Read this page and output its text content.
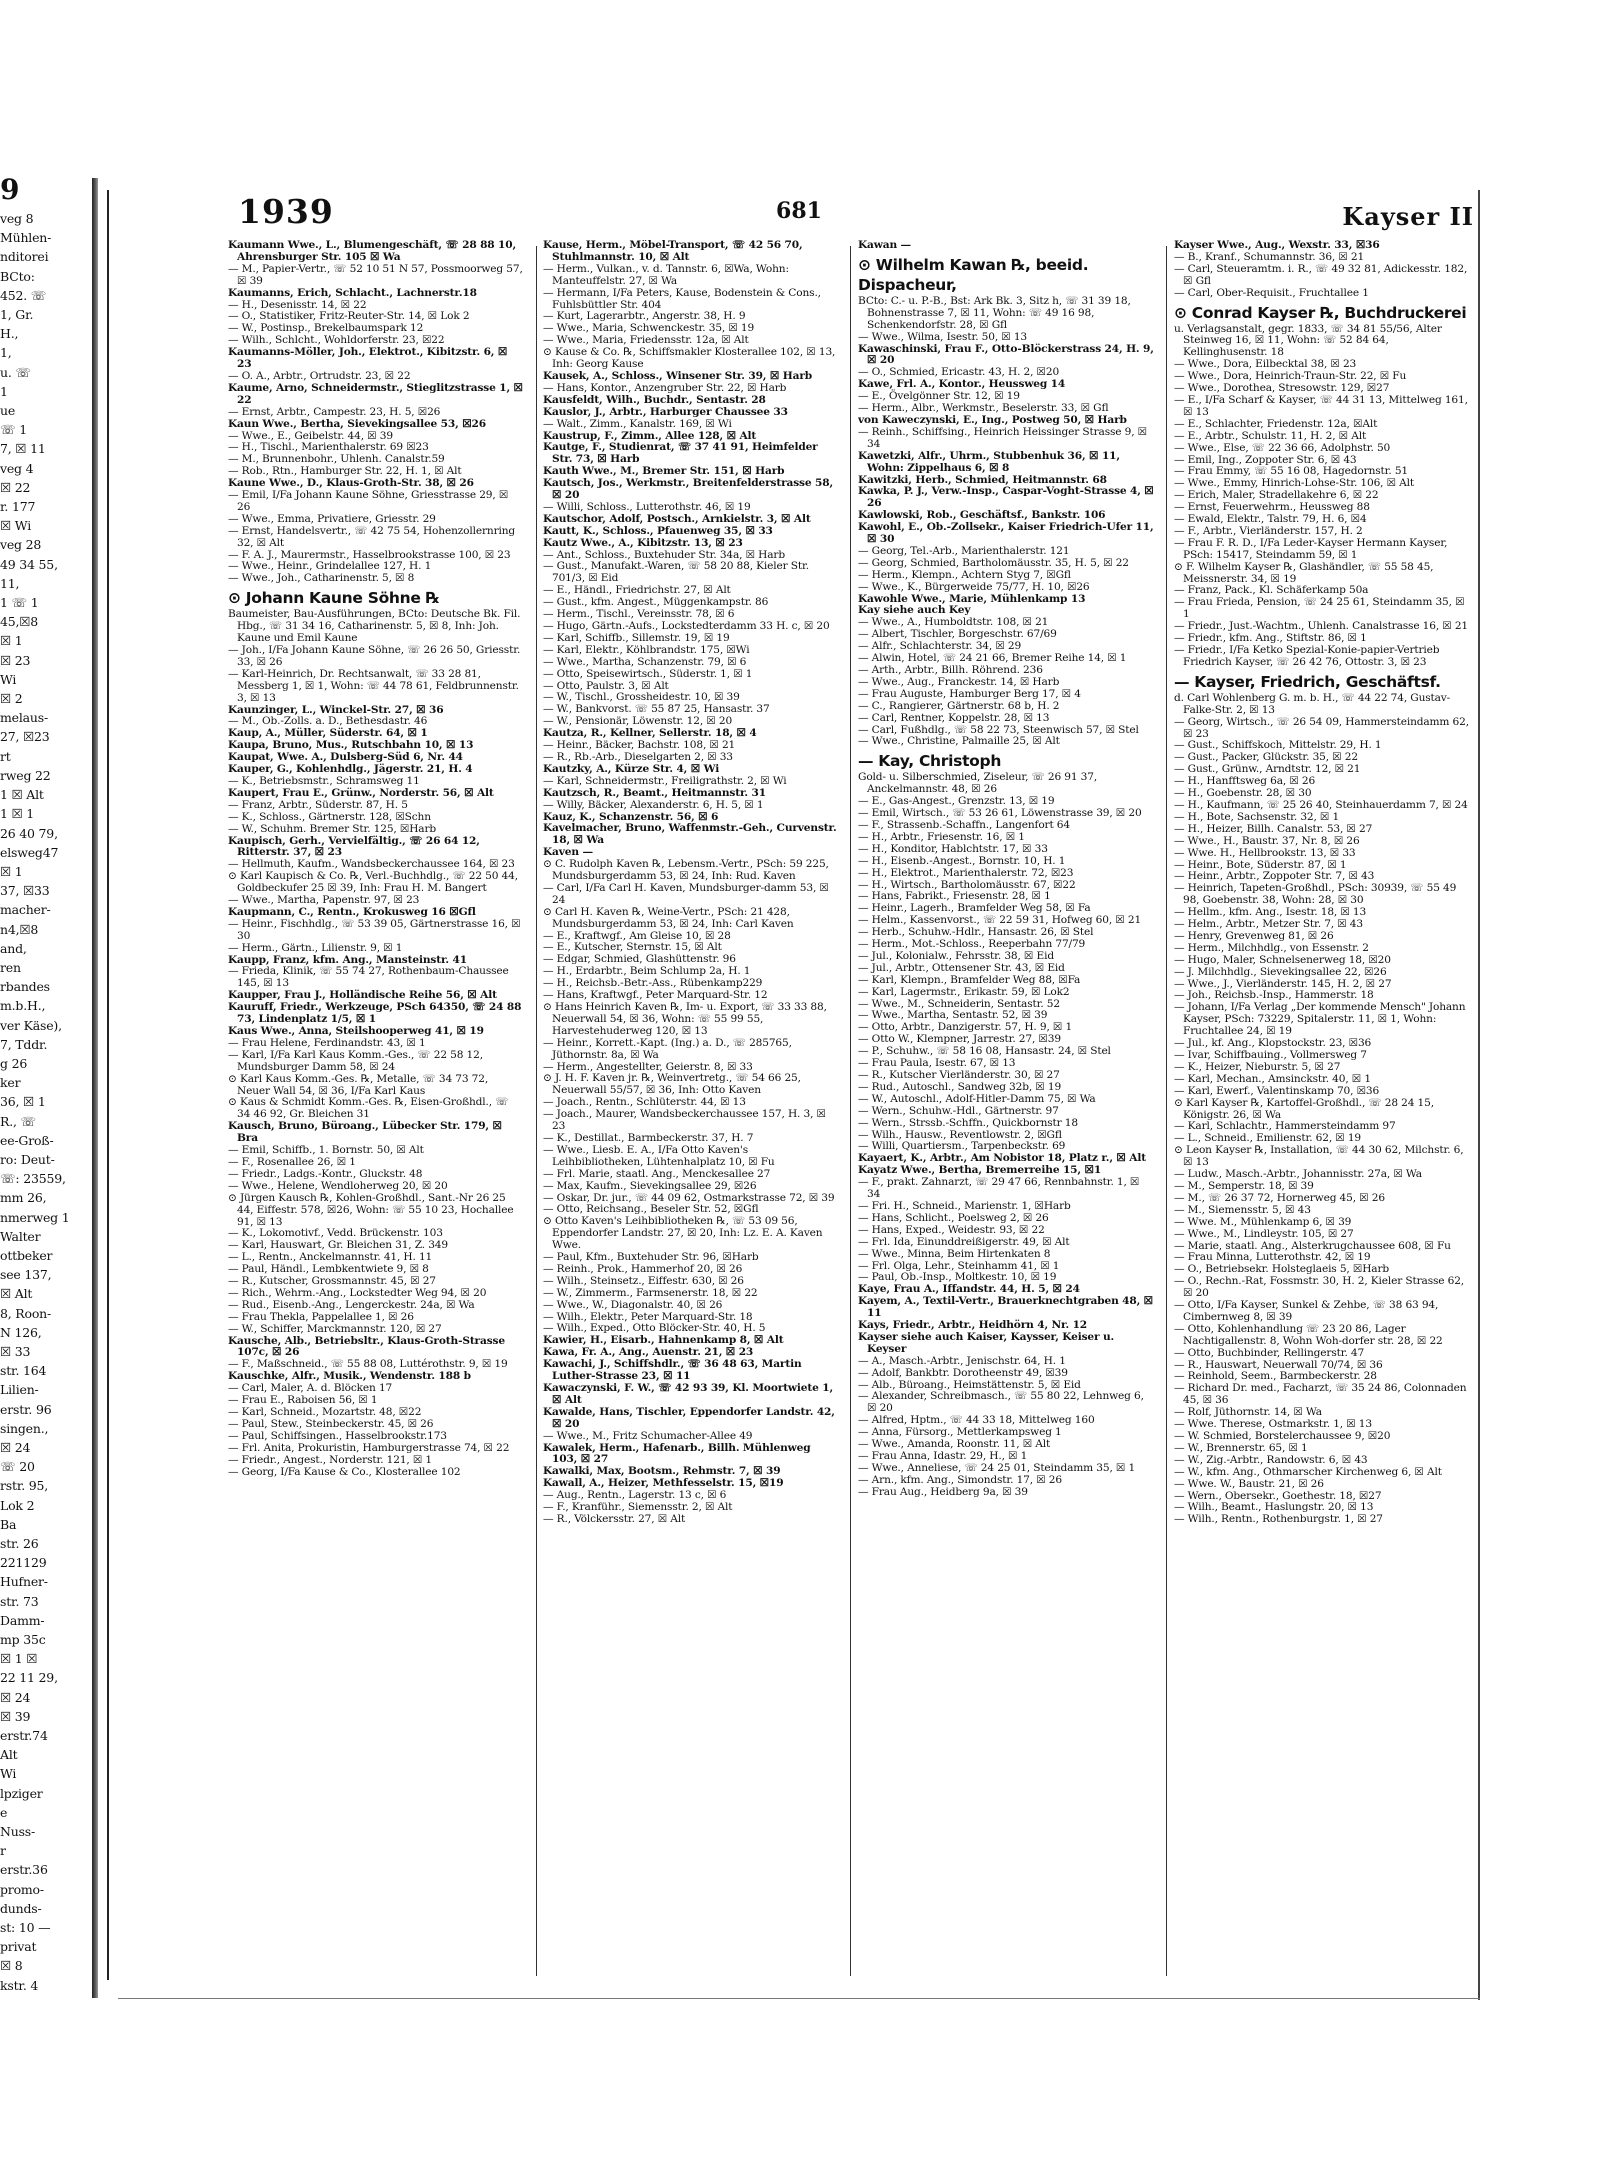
9
veg 8
Mühlen-
nditorei
BCto:
452. ☏
1, Gr.
H.,
1,
u. ☏
1
ue
☏ 1
7, ☒ 11
veg 4
☒ 22
r. 177
☒ Wi
veg 28
49 34 55,
11,
1 ☏ 1
45,☒8
☒ 1
☒ 23
Wi
☒ 2
melaus-
27, ☒23
rt
rweg 22
1 ☒ Alt
1 ☒ 1
26 40 79,
elsweg47
☒ 1
37, ☒33
macher-
n4,☒8
and,
ren
rbandes
m.b.H.,
ver Käse),
7, Tddr.
g 26
ker
36, ☒ 1
R., ☏
ee-Groß-
ro: Deut-
☏: 23559,
mm 26,
nmerweg 1
Walter
ottbeker
see 137,
☒ Alt
8, Roon-
N 126,
☒ 33
str. 164
Lilien-
erstr. 96
singen.,
☒ 24
☏ 20
rstr. 95,
Lok 2
Ba
str. 26
221129
Hufner-
str. 73
Damm-
mp 35c
☒ 1 ☒
22 11 29,
☒ 24
☒ 39
erstr.74
Alt
Wi
lpziger
e
Nuss-
r
erstr.36
promo-
dunds-
st: 10 —
privat
☒ 8
kstr. 4
1939	681	Kayser II

Kaumann Wwe., L., Blumengeschäft, ☏ 28 88 10, Ahrensburger Str. 105 ☒ Wa

— M., Papier-Vertr., ☏ 52 10 51 N 57, Possmoorweg 57, ☒ 39

Kaumanns, Erich, Schlacht., Lachnerstr.18

— H., Desenisstr. 14, ☒ 22

— O., Statistiker, Fritz-Reuter-Str. 14, ☒ Lok 2

— W., Postinsp., Brekelbaumspark 12

— Wilh., Schlcht., Wohldorferstr. 23, ☒22

Kaumanns-Möller, Joh., Elektrot., Kibitzstr. 6, ☒ 23

— O. A., Arbtr., Ortrudstr. 23, ☒ 22

Kaume, Arno, Schneidermstr., Stieglitzstrasse 1, ☒ 22

— Ernst, Arbtr., Campestr. 23, H. 5, ☒26

Kaun Wwe., Bertha, Sievekingsallee 53, ☒26

— Wwe., E., Geibelstr. 44, ☒ 39

— H., Tischl., Marienthalerstr. 69 ☒23

— M., Brunnenbohr., Uhlenh. Canalstr.59

— Rob., Rtn., Hamburger Str. 22, H. 1, ☒ Alt

Kaune Wwe., D., Klaus-Groth-Str. 38, ☒ 26

— Emil, I/Fa Johann Kaune Söhne, Griesstrasse 29, ☒ 26

— Wwe., Emma, Privatiere, Griesstr. 29

— Ernst, Handelsvertr., ☏ 42 75 54, Hohenzollernring 32, ☒ Alt

— F. A. J., Maurermstr., Hasselbrookstrasse 100, ☒ 23

— Wwe., Heinr., Grindelallee 127, H. 1

— Wwe., Joh., Catharinenstr. 5, ☒ 8

⊙ Johann Kaune Söhne ℞

Baumeister, Bau-Ausführungen, BCto: Deutsche Bk. Fil. Hbg., ☏ 31 34 16, Catharinenstr. 5, ☒ 8, Inh: Joh. Kaune und Emil Kaune

— Joh., I/Fa Johann Kaune Söhne, ☏ 26 26 50, Griesstr. 33, ☒ 26

— Karl-Heinrich, Dr. Rechtsanwalt, ☏ 33 28 81, Messberg 1, ☒ 1, Wohn: ☏ 44 78 61, Feldbrunnenstr. 3, ☒ 13

Kaunzinger, L., Winckel-Str. 27, ☒ 36

— M., Ob.-Zolls. a. D., Bethesdastr. 46

Kaup, A., Müller, Süderstr. 64, ☒ 1

Kaupa, Bruno, Mus., Rutschbahn 10, ☒ 13

Kaupat, Wwe. A., Dulsberg-Süd 6, Nr. 44

Kauper, G., Kohlenhdlg., Jägerstr. 21, H. 4

— K., Betriebsmstr., Schramsweg 11

Kaupert, Frau E., Grünw., Norderstr. 56, ☒ Alt

— Franz, Arbtr., Süderstr. 87, H. 5

— K., Schloss., Gärtnerstr. 128, ☒Schn

— W., Schuhm. Bremer Str. 125, ☒Harb

Kaupisch, Gerh., Vervielfältig., ☏ 26 64 12, Ritterstr. 37, ☒ 23

— Hellmuth, Kaufm., Wandsbeckerchaussee 164, ☒ 23

⊙ Karl Kaupisch & Co. ℞, Verl.-Buchhdlg., ☏ 22 50 44, Goldbeckufer 25 ☒ 39, Inh: Frau H. M. Bangert

— Wwe., Martha, Papenstr. 97, ☒ 23

Kaupmann, C., Rentn., Krokusweg 16 ☒Gfl

— Heinr., Fischhdlg., ☏ 53 39 05, Gärtnerstrasse 16, ☒ 30

— Herm., Gärtn., Lilienstr. 9, ☒ 1

Kaupp, Franz, kfm. Ang., Mansteinstr. 41

— Frieda, Klinik, ☏ 55 74 27, Rothenbaum-Chaussee 145, ☒ 13

Kaupper, Frau J., Holländische Reihe 56, ☒ Alt

Kauruff, Friedr., Werkzeuge, PSch 64350, ☏ 24 88 73, Lindenplatz 1/5, ☒ 1

Kaus Wwe., Anna, Steilshooperweg 41, ☒ 19

— Frau Helene, Ferdinandstr. 43, ☒ 1

— Karl, I/Fa Karl Kaus Komm.-Ges., ☏ 22 58 12, Mundsburger Damm 58, ☒ 24

⊙ Karl Kaus Komm.-Ges. ℞, Metalle, ☏ 34 73 72, Neuer Wall 54, ☒ 36, I/Fa Karl Kaus

⊙ Kaus & Schmidt Komm.-Ges. ℞, Eisen-Großhdl., ☏ 34 46 92, Gr. Bleichen 31

Kausch, Bruno, Büroang., Lübecker Str. 179, ☒ Bra

— Emil, Schiffb., 1. Bornstr. 50, ☒ Alt

— F., Rosenallee 26, ☒ 1

— Friedr., Ladgs.-Kontr., Gluckstr. 48

— Wwe., Helene, Wendloherweg 20, ☒ 20

⊙ Jürgen Kausch ℞, Kohlen-Großhdl., Sant.-Nr 26 25 44, Eiffestr. 578, ☒26, Wohn: ☏ 55 10 23, Hochallee 91, ☒ 13

— K., Lokomotivf., Vedd. Brückenstr. 103

— Karl, Hauswart, Gr. Bleichen 31, Z. 349

— L., Rentn., Anckelmannstr. 41, H. 11

— Paul, Händl., Lembkentwiete 9, ☒ 8

— R., Kutscher, Grossmannstr. 45, ☒ 27

— Rich., Wehrm.-Ang., Lockstedter Weg 94, ☒ 20

— Rud., Eisenb.-Ang., Lengerckestr. 24a, ☒ Wa

— Frau Thekla, Pappelallee 1, ☒ 26

— W., Schiffer, Marckmannstr. 120, ☒ 27

Kausche, Alb., Betriebsltr., Klaus-Groth-Strasse 107c, ☒ 26

— F., Maßschneid., ☏ 55 88 08, Luttérothstr. 9, ☒ 19

Kauschke, Alfr., Musik., Wendenstr. 188 b

— Carl, Maler, A. d. Blöcken 17

— Frau E., Raboisen 56, ☒ 1

— Karl, Schneid., Mozartstr. 48, ☒22

— Paul, Stew., Steinbeckerstr. 45, ☒ 26

— Paul, Schiffsingen., Hasselbrookstr.173

— Frl. Anita, Prokuristin, Hamburgerstrasse 74, ☒ 22

— Friedr., Angest., Norderstr. 121, ☒ 1

— Georg, I/Fa Kause & Co., Klosterallee 102

Kause, Herm., Möbel-Transport, ☏ 42 56 70, Stuhlmannstr. 10, ☒ Alt

— Herm., Vulkan., v. d. Tannstr. 6, ☒Wa, Wohn: Manteuffelstr. 27, ☒ Wa

— Hermann, I/Fa Peters, Kause, Bodenstein & Cons., Fuhlsbüttler Str. 404

— Kurt, Lagerarbtr., Angerstr. 38, H. 9

— Wwe., Maria, Schwenckestr. 35, ☒ 19

— Wwe., Maria, Friedensstr. 12a, ☒ Alt

⊙ Kause & Co. ℞, Schiffsmakler Klosterallee 102, ☒ 13, Inh: Georg Kause

Kausek, A., Schloss., Winsener Str. 39, ☒ Harb

— Hans, Kontor., Anzengruber Str. 22, ☒ Harb

Kausfeldt, Wilh., Buchdr., Sentastr. 28

Kauslor, J., Arbtr., Harburger Chaussee 33

— Walt., Zimm., Kanalstr. 169, ☒ Wi

Kaustrup, F., Zimm., Allee 128, ☒ Alt

Kautge, F., Studienrat, ☏ 37 41 91, Heimfelder Str. 73, ☒ Harb

Kauth Wwe., M., Bremer Str. 151, ☒ Harb

Kautsch, Jos., Werkmstr., Breitenfelderstrasse 58, ☒ 20

— Willi, Schloss., Lutterothstr. 46, ☒ 19

Kautschor, Adolf, Postsch., Arnkielstr. 3, ☒ Alt

Kautt, K., Schloss., Pfauenweg 35, ☒ 33

Kautz Wwe., A., Kibitzstr. 13, ☒ 23

— Ant., Schloss., Buxtehuder Str. 34a, ☒ Harb

— Gust., Manufakt.-Waren, ☏ 58 20 88, Kieler Str. 701/3, ☒ Eid

— E., Händl., Friedrichstr. 27, ☒ Alt

— Gust., kfm. Angest., Müggenkampstr. 86

— Herm., Tischl., Vereinsstr. 78, ☒ 6

— Hugo, Gärtn.-Aufs., Lockstedterdamm 33 H. c, ☒ 20

— Karl, Schiffb., Sillemstr. 19, ☒ 19

— Karl, Elektr., Köhlbrandstr. 175, ☒Wi

— Wwe., Martha, Schanzenstr. 79, ☒ 6

— Otto, Speisewirtsch., Süderstr. 1, ☒ 1

— Otto, Paulstr. 3, ☒ Alt

— W., Tischl., Grossheidestr. 10, ☒ 39

— W., Bankvorst. ☏ 55 87 25, Hansastr. 37

— W., Pensionär, Löwenstr. 12, ☒ 20

Kautza, R., Kellner, Sellerstr. 18, ☒ 4

— Heinr., Bäcker, Bachstr. 108, ☒ 21

— R., Rb.-Arb., Dieselgarten 2, ☒ 33

Kautzky, A., Kürze Str. 4, ☒ Wi

— Karl, Schneidermstr., Freiligrathstr. 2, ☒ Wi

Kautzsch, R., Beamt., Heitmannstr. 31

— Willy, Bäcker, Alexanderstr. 6, H. 5, ☒ 1

Kauz, K., Schanzenstr. 56, ☒ 6

Kavelmacher, Bruno, Waffenmstr.-Geh., Curvenstr. 18, ☒ Wa

Kaven —

⊙ C. Rudolph Kaven ℞, Lebensm.-Vertr., PSch: 59 225, Mundsburgerdamm 53, ☒ 24, Inh: Rud. Kaven

— Carl, I/Fa Carl H. Kaven, Mundsburger-damm 53, ☒ 24

⊙ Carl H. Kaven ℞, Weine-Vertr., PSch: 21 428, Mundsburgerdamm 53, ☒ 24, Inh: Carl Kaven

— E., Kraftwgf., Am Gleise 10, ☒ 28

— E., Kutscher, Sternstr. 15, ☒ Alt

— Edgar, Schmied, Glashüttenstr. 96

— H., Erdarbtr., Beim Schlump 2a, H. 1

— H., Reichsb.-Betr.-Ass., Rübenkamp229

— Hans, Kraftwgf., Peter Marquard-Str. 12

⊙ Hans Heinrich Kaven ℞, Im- u. Export, ☏ 33 33 88, Neuerwall 54, ☒ 36, Wohn: ☏ 55 99 55, Harvestehuderweg 120, ☒ 13

— Heinr., Korrett.-Kapt. (Ing.) a. D., ☏ 285765, Jüthornstr. 8a, ☒ Wa

— Herm., Angestellter, Geierstr. 8, ☒ 33

⊙ J. H. F. Kaven jr. ℞, Weinvertretg., ☏ 54 66 25, Neuerwall 55/57, ☒ 36, Inh: Otto Kaven

— Joach., Rentn., Schlüterstr. 44, ☒ 13

— Joach., Maurer, Wandsbeckerchaussee 157, H. 3, ☒ 23

— K., Destillat., Barmbeckerstr. 37, H. 7

— Wwe., Liesb. E. A., I/Fa Otto Kaven's Leihbibliotheken, Lühtenhalplatz 10, ☒ Fu

— Frl. Marie, staatl. Ang., Menckesallee 27

— Max, Kaufm., Sievekingsallee 29, ☒26

— Oskar, Dr. jur., ☏ 44 09 62, Ostmarkstrasse 72, ☒ 39

— Otto, Reichsang., Beseler Str. 52, ☒Gfl

⊙ Otto Kaven's Leihbibliotheken ℞, ☏ 53 09 56, Eppendorfer Landstr. 27, ☒ 20, Inh: Lz. E. A. Kaven Wwe.

— Paul, Kfm., Buxtehuder Str. 96, ☒Harb

— Reinh., Prok., Hammerhof 20, ☒ 26

— Wilh., Steinsetz., Eiffestr. 630, ☒ 26

— W., Zimmerm., Farmsenerstr. 18, ☒ 22

— Wwe., W., Diagonalstr. 40, ☒ 26

— Wilh., Elektr., Peter Marquard-Str. 18

— Wilh., Exped., Otto Blöcker-Str. 40, H. 5

Kawier, H., Eisarb., Hahnenkamp 8, ☒ Alt

Kawa, Fr. A., Ang., Auenstr. 21, ☒ 23

Kawachi, J., Schiffshdlr., ☏ 36 48 63, Martin Luther-Strasse 23, ☒ 11

Kawaczynski, F. W., ☏ 42 93 39, Kl. Moortwiete 1, ☒ Alt

Kawalde, Hans, Tischler, Eppendorfer Landstr. 42, ☒ 20

— Wwe., M., Fritz Schumacher-Allee 49

Kawalek, Herm., Hafenarb., Billh. Mühlenweg 103, ☒ 27

Kawalki, Max, Bootsm., Rehmstr. 7, ☒ 39

Kawall, A., Heizer, Methfesselstr. 15, ☒19

— Aug., Rentn., Lagerstr. 13 c, ☒ 6

— F., Kranführ., Siemensstr. 2, ☒ Alt

— R., Völckersstr. 27, ☒ Alt

Kawan —

⊙ Wilhelm Kawan ℞, beeid. Dispacheur,

BCto: C.- u. P.-B., Bst: Ark Bk. 3, Sitz h, ☏ 31 39 18, Bohnenstrasse 7, ☒ 11, Wohn: ☏ 49 16 98, Schenkendorfstr. 28, ☒ Gfl

— Wwe., Wilma, Isestr. 50, ☒ 13

Kawaschinski, Frau F., Otto-Blöckerstrass 24, H. 9, ☒ 20

— O., Schmied, Ericastr. 43, H. 2, ☒20

Kawe, Frl. A., Kontor., Heussweg 14

— E., Övelgönner Str. 12, ☒ 19

— Herm., Albr., Werkmstr., Beselerstr. 33, ☒ Gfl

von Kaweczynski, E., Ing., Postweg 50, ☒ Harb

— Reinh., Schiffsing., Heinrich Heissinger Strasse 9, ☒ 34

Kawetzki, Alfr., Uhrm., Stubbenhuk 36, ☒ 11, Wohn: Zippelhaus 6, ☒ 8

Kawitzki, Herb., Schmied, Heitmannstr. 68

Kawka, P. J., Verw.-Insp., Caspar-Voght-Strasse 4, ☒ 26

Kawlowski, Rob., Geschäftsf., Bankstr. 106

Kawohl, E., Ob.-Zollsekr., Kaiser Friedrich-Ufer 11, ☒ 30

— Georg, Tel.-Arb., Marienthalerstr. 121

— Georg, Schmied, Bartholomäusstr. 35, H. 5, ☒ 22

— Herm., Klempn., Achtern Styg 7, ☒Gfl

— Wwe., K., Bürgerweide 75/77, H. 10, ☒26

Kawohle Wwe., Marie, Mühlenkamp 13

Kay siehe auch Key

— Wwe., A., Humboldtstr. 108, ☒ 21

— Albert, Tischler, Borgeschstr. 67/69

— Alfr., Schlachterstr. 34, ☒ 29

— Alwin, Hotel, ☏ 24 21 66, Bremer Reihe 14, ☒ 1

— Arth., Arbtr., Billh. Röhrend. 236

— Wwe., Aug., Franckestr. 14, ☒ Harb

— Frau Auguste, Hamburger Berg 17, ☒ 4

— C., Rangierer, Gärtnerstr. 68 b, H. 2

— Carl, Rentner, Koppelstr. 28, ☒ 13

— Carl, Fußhdlg., ☏ 58 22 73, Steenwisch 57, ☒ Stel

— Wwe., Christine, Palmaille 25, ☒ Alt

— Kay, Christoph

Gold- u. Silberschmied, Ziseleur, ☏ 26 91 37, Anckelmannstr. 48, ☒ 26

— E., Gas-Angest., Grenzstr. 13, ☒ 19

— Emil, Wirtsch., ☏ 53 26 61, Löwenstrasse 39, ☒ 20

— F., Strassenb.-Schaffn., Langenfort 64

— H., Arbtr., Friesenstr. 16, ☒ 1

— H., Konditor, Hablchtstr. 17, ☒ 33

— H., Eisenb.-Angest., Bornstr. 10, H. 1

— H., Elektrot., Marienthalerstr. 72, ☒23

— H., Wirtsch., Bartholomäusstr. 67, ☒22

— Hans, Fabrikt., Friesenstr. 28, ☒ 1

— Heinr., Lagerh., Bramfelder Weg 58, ☒ Fa

— Helm., Kassenvorst., ☏ 22 59 31, Hofweg 60, ☒ 21

— Herb., Schuhw.-Hdlr., Hansastr. 26, ☒ Stel

— Herm., Mot.-Schloss., Reeperbahn 77/79

— Jul., Kolonialw., Fehrsstr. 38, ☒ Eid

— Jul., Arbtr., Ottensener Str. 43, ☒ Eid

— Karl, Klempn., Bramfelder Weg 88, ☒Fa

— Karl, Lagermstr., Erikastr. 59, ☒ Lok2

— Wwe., M., Schneiderin, Sentastr. 52

— Wwe., Martha, Sentastr. 52, ☒ 39

— Otto, Arbtr., Danzigerstr. 57, H. 9, ☒ 1

— Otto W., Klempner, Jarrestr. 27, ☒39

— P., Schuhw., ☏ 58 16 08, Hansastr. 24, ☒ Stel

— Frau Paula, Isestr. 67, ☒ 13

— R., Kutscher Vierländerstr. 30, ☒ 27

— Rud., Autoschl., Sandweg 32b, ☒ 19

— W., Autoschl., Adolf-Hitler-Damm 75, ☒ Wa

— Wern., Schuhw.-Hdl., Gärtnerstr. 97

— Wern., Strssb.-Schffn., Quickbornstr 18

— Wilh., Hausw., Reventlowstr. 2, ☒Gfl

— Willi, Quartiersm., Tarpenbeckstr. 69

Kayaert, K., Arbtr., Am Nobistor 18, Platz r., ☒ Alt

Kayatz Wwe., Bertha, Bremerreihe 15, ☒1

— F., prakt. Zahnarzt, ☏ 29 47 66, Rennbahnstr. 1, ☒ 34

— Fri. H., Schneid., Marienstr. 1, ☒Harb

— Hans, Schlicht., Poelsweg 2, ☒ 26

— Hans, Exped., Weidestr. 93, ☒ 22

— Frl. Ida, Einunddreißigerstr. 49, ☒ Alt

— Wwe., Minna, Beim Hirtenkaten 8

— Frl. Olga, Lehr., Steinhamm 41, ☒ 1

— Paul, Ob.-Insp., Moltkestr. 10, ☒ 19

Kaye, Frau A., Iffandstr. 44, H. 5, ☒ 24

Kayem, A., Textil-Vertr., Brauerknechtgraben 48, ☒ 11

Kays, Friedr., Arbtr., Heidhörn 4, Nr. 12

Kayser siehe auch Kaiser, Kaysser, Keiser u. Keyser

— A., Masch.-Arbtr., Jenischstr. 64, H. 1

— Adolf, Bankbtr. Dorotheenstr 49, ☒39

— Alb., Büroang., Heimstättenstr. 5, ☒ Eid

— Alexander, Schreibmasch., ☏ 55 80 22, Lehnweg 6, ☒ 20

— Alfred, Hptm., ☏ 44 33 18, Mittelweg 160

— Anna, Fürsorg., Mettlerkampsweg 1

— Wwe., Amanda, Roonstr. 11, ☒ Alt

— Frau Anna, Idastr. 29, H., ☒ 1

— Wwe., Anneliese, ☏ 24 25 01, Steindamm 35, ☒ 1

— Arn., kfm. Ang., Simondstr. 17, ☒ 26

— Frau Aug., Heidberg 9a, ☒ 39

Kayser Wwe., Aug., Wexstr. 33, ☒36

— B., Kranf., Schumannstr. 36, ☒ 21

— Carl, Steueramtm. i. R., ☏ 49 32 81, Adickesstr. 182, ☒ Gfl

— Carl, Ober-Requisit., Fruchtallee 1

⊙ Conrad Kayser ℞, Buchdruckerei

u. Verlagsanstalt, gegr. 1833, ☏ 34 81 55/56, Alter Steinweg 16, ☒ 11, Wohn: ☏ 52 84 64, Kellinghusenstr. 18

— Wwe., Dora, Eilbecktal 38, ☒ 23

— Wwe., Dora, Heinrich-Traun-Str. 22, ☒ Fu

— Wwe., Dorothea, Stresowstr. 129, ☒27

— E., I/Fa Scharf & Kayser, ☏ 44 31 13, Mittelweg 161, ☒ 13

— E., Schlachter, Friedenstr. 12a, ☒Alt

— E., Arbtr., Schulstr. 11, H. 2, ☒ Alt

— Wwe., Else, ☏ 22 36 66, Adolphstr. 50

— Emil, Ing., Zoppoter Str. 6, ☒ 43

— Frau Emmy, ☏ 55 16 08, Hagedornstr. 51

— Wwe., Emmy, Hinrich-Lohse-Str. 106, ☒ Alt

— Erich, Maler, Stradellakehre 6, ☒ 22

— Ernst, Feuerwehrm., Heussweg 88

— Ewald, Elektr., Talstr. 79, H. 6, ☒4

— F., Arbtr., Vierländerstr. 157, H. 2

— Frau F. R. D., I/Fa Leder-Kayser Hermann Kayser, PSch: 15417, Steindamm 59, ☒ 1

⊙ F. Wilhelm Kayser ℞, Glashändler, ☏ 55 58 45, Meissnerstr. 34, ☒ 19

— Franz, Pack., Kl. Schäferkamp 50a

— Frau Frieda, Pension, ☏ 24 25 61, Steindamm 35, ☒ 1

— Friedr., Just.-Wachtm., Uhlenh. Canalstrasse 16, ☒ 21

— Friedr., kfm. Ang., Stiftstr. 86, ☒ 1

— Friedr., I/Fa Ketko Spezial-Konie-papier-Vertrieb Friedrich Kayser, ☏ 26 42 76, Ottostr. 3, ☒ 23

— Kayser, Friedrich, Geschäftsf.

d. Carl Wohlenberg G. m. b. H., ☏ 44 22 74, Gustav-Falke-Str. 2, ☒ 13

— Georg, Wirtsch., ☏ 26 54 09, Hammersteindamm 62, ☒ 23

— Gust., Schiffskoch, Mittelstr. 29, H. 1

— Gust., Packer, Glückstr. 35, ☒ 22

— Gust., Grünw., Arndtstr. 12, ☒ 21

— H., Hanfftsweg 6a, ☒ 26

— H., Goebenstr. 28, ☒ 30

— H., Kaufmann, ☏ 25 26 40, Steinhauerdamm 7, ☒ 24

— H., Bote, Sachsenstr. 32, ☒ 1

— H., Heizer, Billh. Canalstr. 53, ☒ 27

— Wwe., H., Baustr. 37, Nr. 8, ☒ 26

— Wwe. H., Hellbrookstr. 13, ☒ 33

— Heinr., Bote, Süderstr. 87, ☒ 1

— Heinr., Arbtr., Zoppoter Str. 7, ☒ 43

— Heinrich, Tapeten-Großhdl., PSch: 30939, ☏ 55 49 98, Goebenstr. 38, Wohn: 28, ☒ 30

— Hellm., kfm. Ang., Isestr. 18, ☒ 13

— Helm., Arbtr., Metzer Str. 7, ☒ 43

— Henry, Grevenweg 81, ☒ 26

— Herm., Milchhdlg., von Essenstr. 2

— Hugo, Maler, Schnelsenerweg 18, ☒20

— J. Milchhdlg., Sievekingsallee 22, ☒26

— Wwe., J., Vierländerstr. 145, H. 2, ☒ 27

— Joh., Reichsb.-Insp., Hammerstr. 18

— Johann, I/Fa Verlag „Der kommende Mensch" Johann Kayser, PSch: 73229, Spitalerstr. 11, ☒ 1, Wohn: Fruchtallee 24, ☒ 19

— Jul., kf. Ang., Klopstockstr. 23, ☒36

— Ivar, Schiffbauing., Vollmersweg 7

— K., Heizer, Nieburstr. 5, ☒ 27

— Karl, Mechan., Amsinckstr. 40, ☒ 1

— Karl, Ewerf., Valentinskamp 70, ☒36

⊙ Karl Kayser ℞, Kartoffel-Großhdl., ☏ 28 24 15, Königstr. 26, ☒ Wa

— Karl, Schlachtr., Hammersteindamm 97

— L., Schneid., Emilienstr. 62, ☒ 19

⊙ Leon Kayser ℞, Installation, ☏ 44 30 62, Milchstr. 6, ☒ 13

— Ludw., Masch.-Arbtr., Johannisstr. 27a, ☒ Wa

— M., Semperstr. 18, ☒ 39

— M., ☏ 26 37 72, Hornerweg 45, ☒ 26

— M., Siemensstr. 5, ☒ 43

— Wwe. M., Mühlenkamp 6, ☒ 39

— Wwe., M., Lindleystr. 105, ☒ 27

— Marie, staatl. Ang., Alsterkrugchaussee 608, ☒ Fu

— Frau Minna, Lutterothstr. 42, ☒ 19

— O., Betriebsekr. Holsteglaeis 5, ☒Harb

— O., Rechn.-Rat, Fossmstr. 30, H. 2, Kieler Strasse 62, ☒ 20

— Otto, I/Fa Kayser, Sunkel & Zehbe, ☏ 38 63 94, Cimbernweg 8, ☒ 39

— Otto, Kohlenhandlung ☏ 23 20 86, Lager Nachtigallenstr. 8, Wohn Woh-dorfer str. 28, ☒ 22

— Otto, Buchbinder, Rellingerstr. 47

— R., Hauswart, Neuerwall 70/74, ☒ 36

— Reinhold, Seem., Barmbeckerstr. 28

— Richard Dr. med., Facharzt, ☏ 35 24 86, Colonnaden 45, ☒ 36

— Rolf, Jüthornstr. 14, ☒ Wa

— Wwe. Therese, Ostmarkstr. 1, ☒ 13

— W. Schmied, Borstelerchaussee 9, ☒20

— W., Brennerstr. 65, ☒ 1

— W., Zig.-Arbtr., Randowstr. 6, ☒ 43

— W., kfm. Ang., Othmarscher Kirchenweg 6, ☒ Alt

— Wwe. W., Baustr. 21, ☒ 26

— Wern., Obersekr., Goethestr. 18, ☒27

— Wilh., Beamt., Haslungstr. 20, ☒ 13

— Wilh., Rentn., Rothenburgstr. 1, ☒ 27
